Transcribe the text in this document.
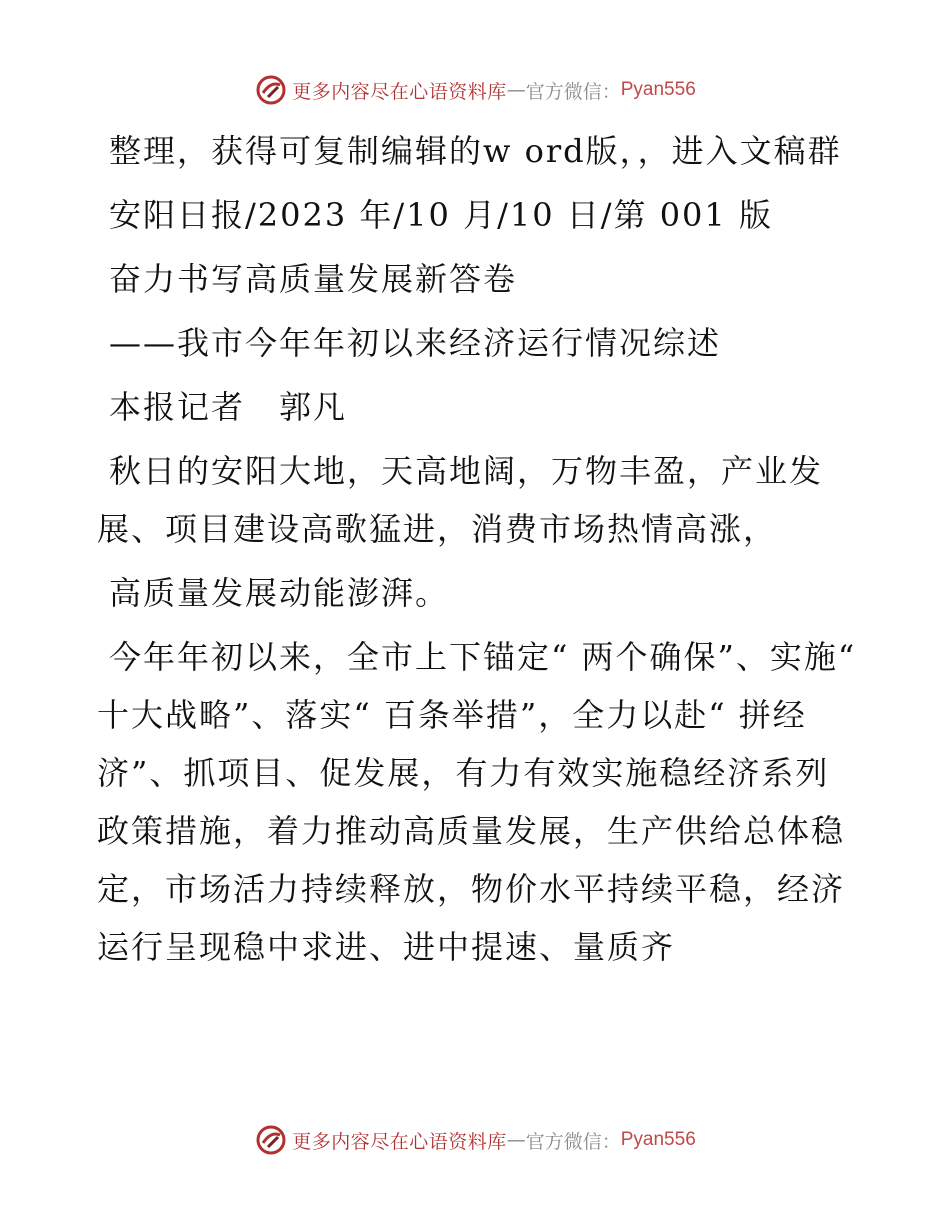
更多内容尽在心语资料库 — 官方微信： Pyan556

整理，获得可复制编辑的w ord版，，进入文稿群

安阳日报/2023 年/10 月/10 日/第 001 版

奋力书写高质量发展新答卷

——我市今年年初以来经济运行情况综述

本报记者　郭凡

秋日的安阳大地，天高地阔，万物丰盈，产业发展、项目建设高歌猛进，消费市场热情高涨，

高质量发展动能澎湃。

今年年初以来，全市上下锚定“ 两个确保”、实施“ 十大战略”、落实“ 百条举措”，全力以赴“ 拼经济”、抓项目、促发展，有力有效实施稳经济系列政策措施，着力推动高质量发展，生产供给总体稳定，市场活力持续释放，物价水平持续平稳，经济运行呈现稳中求进、进中提速、量质齐

更多内容尽在心语资料库 — 官方微信： Pyan556
